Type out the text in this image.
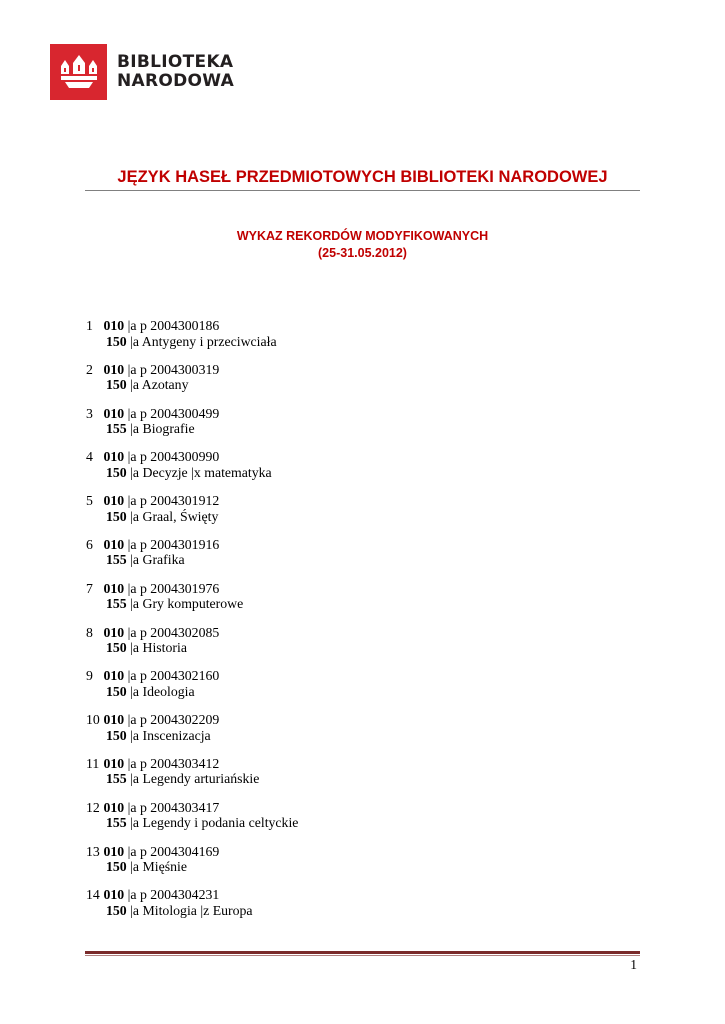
BIBLIOTEKA
NARODOWA
JĘZYK HASEŁ PRZEDMIOTOWYCH BIBLIOTEKI NARODOWEJ
WYKAZ REKORDÓW MODYFIKOWANYCH
(25-31.05.2012)
1 010 |a p 2004300186
150 |a Antygeny i przeciwciała
2 010 |a p 2004300319
150 |a Azotany
3 010 |a p 2004300499
155 |a Biografie
4 010 |a p 2004300990
150 |a Decyzje |x matematyka
5 010 |a p 2004301912
150 |a Graal, Święty
6 010 |a p 2004301916
155 |a Grafika
7 010 |a p 2004301976
155 |a Gry komputerowe
8 010 |a p 2004302085
150 |a Historia
9 010 |a p 2004302160
150 |a Ideologia
10 010 |a p 2004302209
150 |a Inscenizacja
11 010 |a p 2004303412
155 |a Legendy arturiańskie
12 010 |a p 2004303417
155 |a Legendy i podania celtyckie
13 010 |a p 2004304169
150 |a Mięśnie
14 010 |a p 2004304231
150 |a Mitologia |z Europa
1
